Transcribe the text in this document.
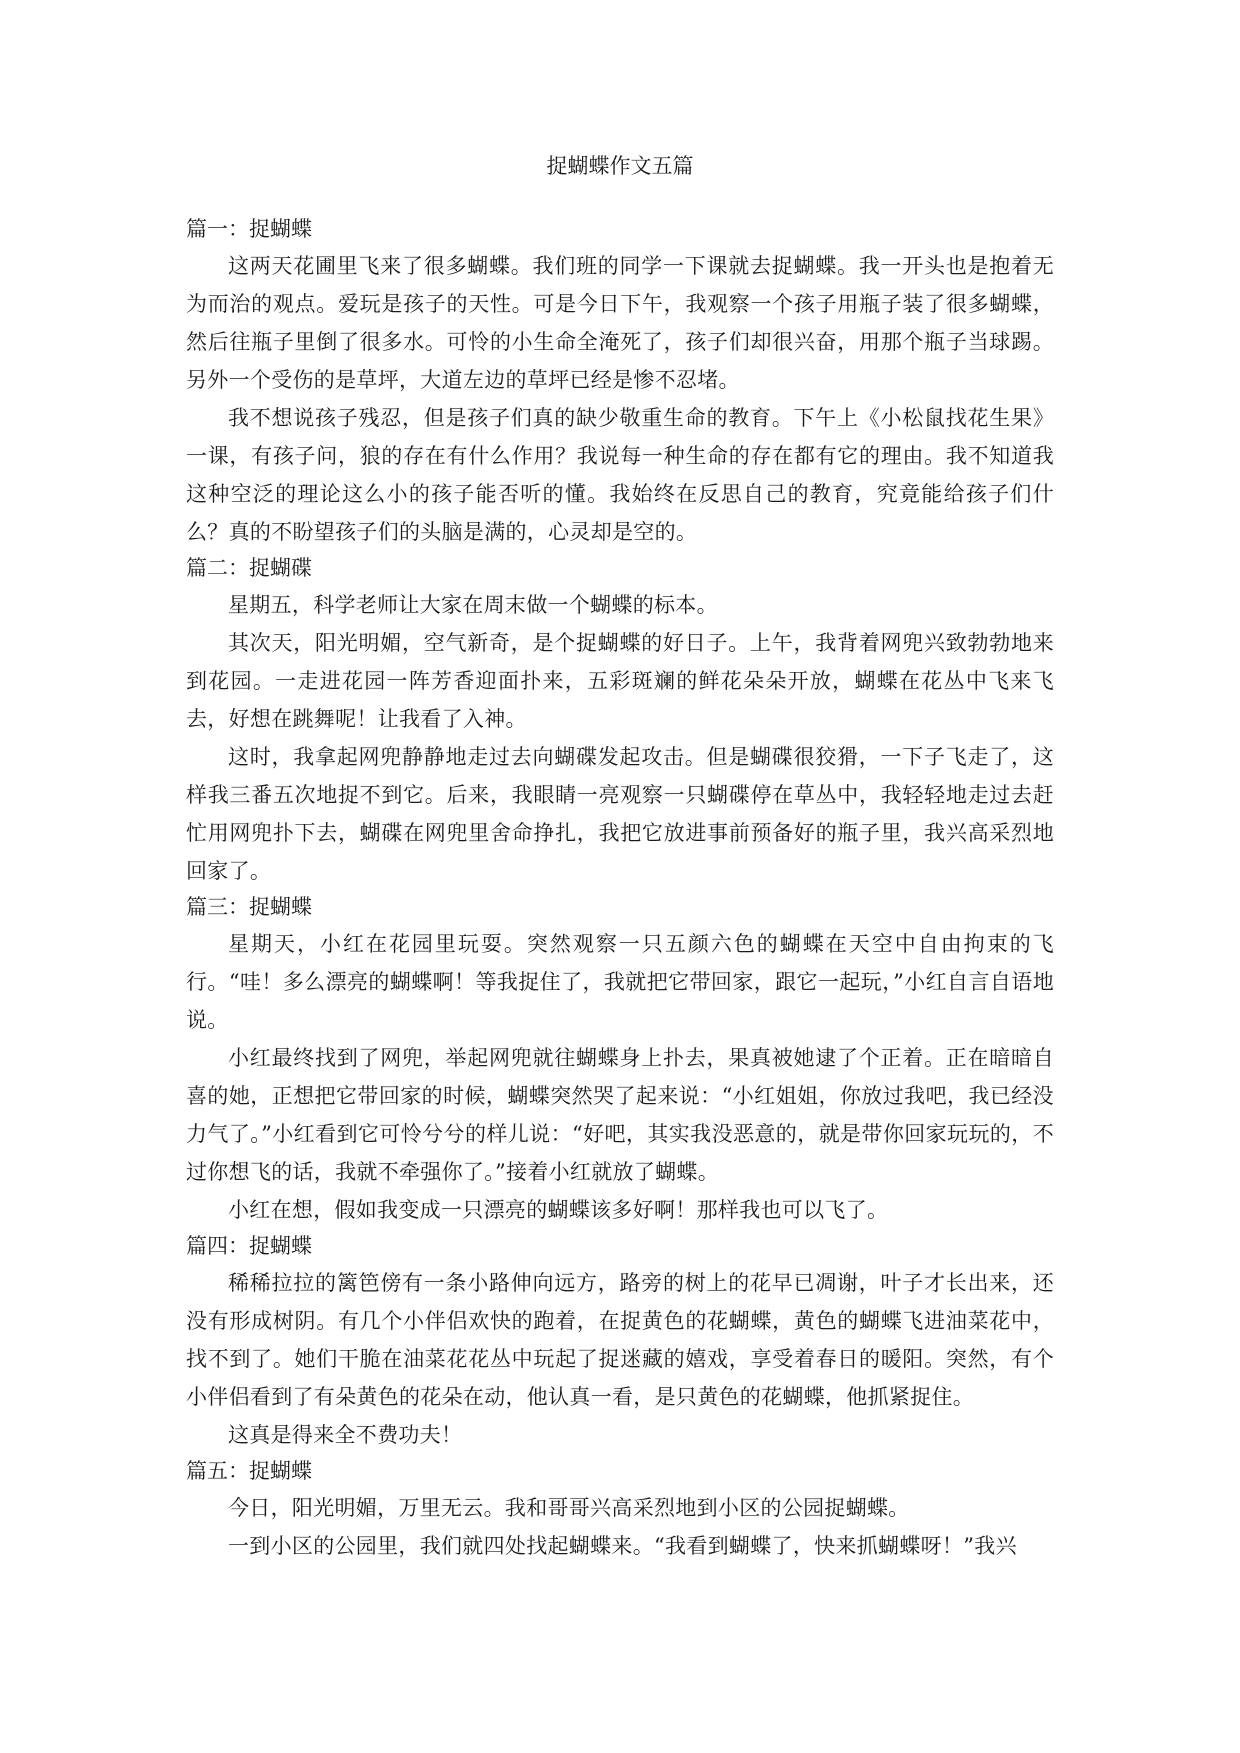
捉蝴蝶作文五篇

篇一：捉蝴蝶

这两天花圃里飞来了很多蝴蝶。我们班的同学一下课就去捉蝴蝶。我一开头也是抱着无为而治的观点。爱玩是孩子的天性。可是今日下午，我观察一个孩子用瓶子装了很多蝴蝶，然后往瓶子里倒了很多水。可怜的小生命全淹死了，孩子们却很兴奋，用那个瓶子当球踢。另外一个受伤的是草坪，大道左边的草坪已经是惨不忍堵。

我不想说孩子残忍，但是孩子们真的缺少敬重生命的教育。下午上《小松鼠找花生果》一课，有孩子问，狼的存在有什么作用？我说每一种生命的存在都有它的理由。我不知道我这种空泛的理论这么小的孩子能否听的懂。我始终在反思自己的教育，究竟能给孩子们什么？真的不盼望孩子们的头脑是满的，心灵却是空的。

篇二：捉蝴碟

星期五，科学老师让大家在周末做一个蝴蝶的标本。

其次天，阳光明媚，空气新奇，是个捉蝴蝶的好日子。上午，我背着网兜兴致勃勃地来到花园。一走进花园一阵芳香迎面扑来，五彩斑斓的鲜花朵朵开放，蝴蝶在花丛中飞来飞去，好想在跳舞呢！让我看了入神。

这时，我拿起网兜静静地走过去向蝴碟发起攻击。但是蝴碟很狡猾，一下子飞走了，这样我三番五次地捉不到它。后来，我眼睛一亮观察一只蝴碟停在草丛中，我轻轻地走过去赶忙用网兜扑下去，蝴碟在网兜里舍命挣扎，我把它放进事前预备好的瓶子里，我兴高采烈地回家了。

篇三：捉蝴蝶

星期天，小红在花园里玩耍。突然观察一只五颜六色的蝴蝶在天空中自由拘束的飞行。“哇！多么漂亮的蝴蝶啊！等我捉住了，我就把它带回家，跟它一起玩，”小红自言自语地说。

小红最终找到了网兜，举起网兜就往蝴蝶身上扑去，果真被她逮了个正着。正在暗暗自喜的她，正想把它带回家的时候，蝴蝶突然哭了起来说：“小红姐姐，你放过我吧，我已经没力气了。”小红看到它可怜兮兮的样儿说：“好吧，其实我没恶意的，就是带你回家玩玩的，不过你想飞的话，我就不牵强你了。”接着小红就放了蝴蝶。

小红在想，假如我变成一只漂亮的蝴蝶该多好啊！那样我也可以飞了。

篇四：捉蝴蝶

稀稀拉拉的篱笆傍有一条小路伸向远方，路旁的树上的花早已凋谢，叶子才长出来，还没有形成树阴。有几个小伴侣欢快的跑着，在捉黄色的花蝴蝶，黄色的蝴蝶飞进油菜花中，找不到了。她们干脆在油菜花花丛中玩起了捉迷藏的嬉戏，享受着春日的暖阳。突然，有个小伴侣看到了有朵黄色的花朵在动，他认真一看，是只黄色的花蝴蝶，他抓紧捉住。

这真是得来全不费功夫！

篇五：捉蝴蝶

今日，阳光明媚，万里无云。我和哥哥兴高采烈地到小区的公园捉蝴蝶。

一到小区的公园里，我们就四处找起蝴蝶来。“我看到蝴蝶了，快来抓蝴蝶呀！”我兴
